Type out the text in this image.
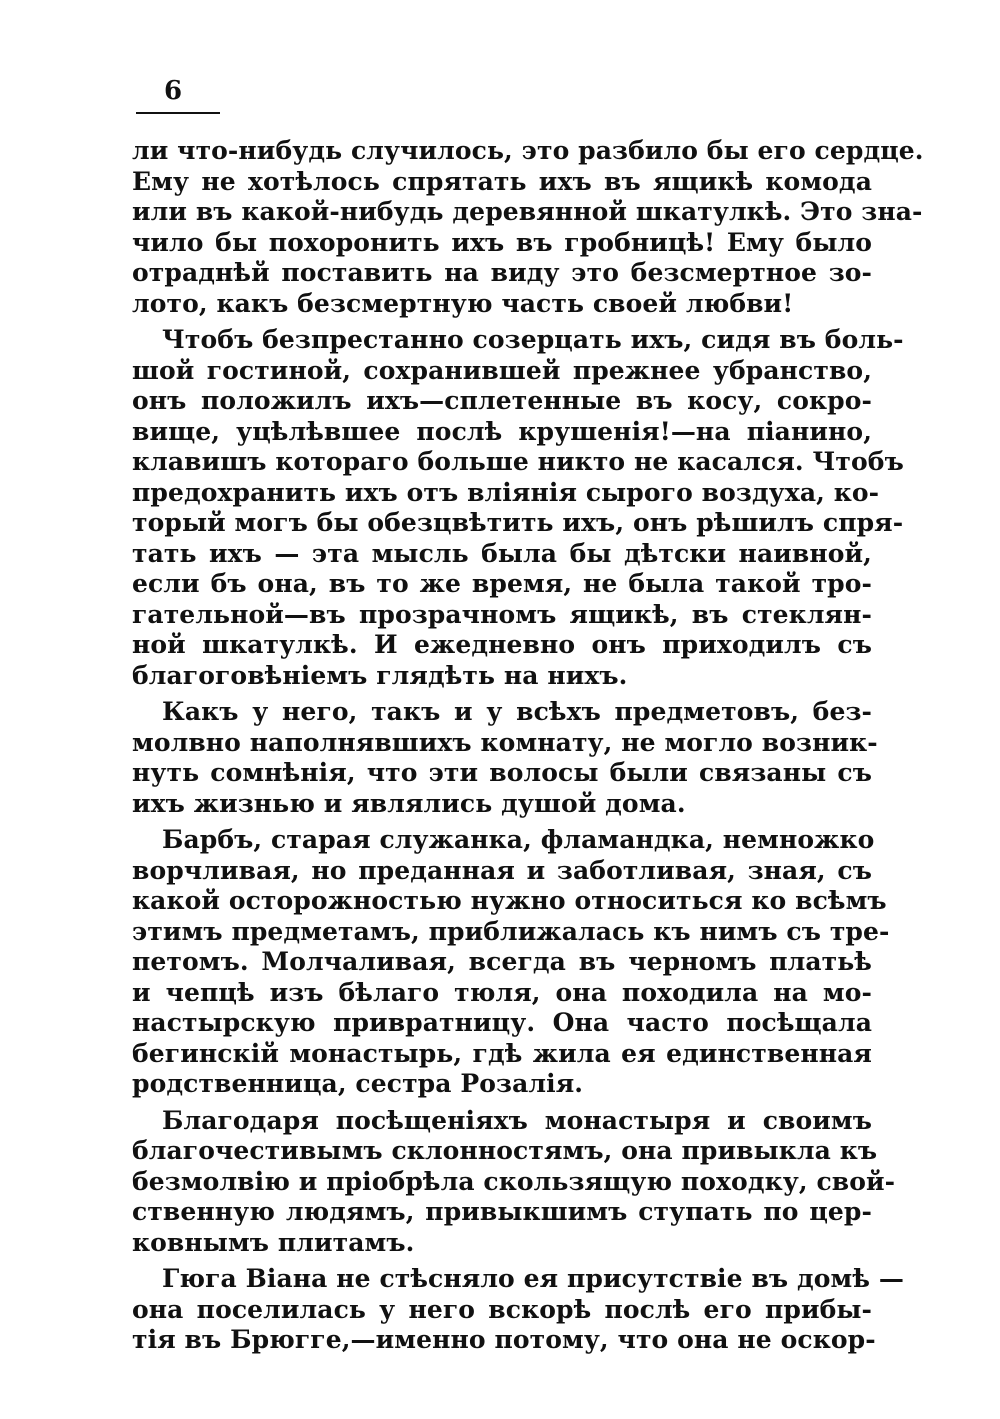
6
ли что-нибудь случилось, это разбило бы его сердце.
Ему не хотѣлось спрятать ихъ въ ящикѣ комода
или въ какой-нибудь деревянной шкатулкѣ. Это зна-
чило бы похоронить ихъ въ гробницѣ! Ему было
отраднѣй поставить на виду это безсмертное зо-
лото, какъ безсмертную часть своей любви!
Чтобъ безпрестанно созерцать ихъ, сидя въ боль-
шой гостиной, сохранившей прежнее убранство,
онъ положилъ ихъ—сплетенные въ косу, сокро-
вище, уцѣлѣвшее послѣ крушенія!—на піанино,
клавишъ котораго больше никто не касался. Чтобъ
предохранить ихъ отъ вліянія сырого воздуха, ко-
торый могъ бы обезцвѣтить ихъ, онъ рѣшилъ спря-
тать ихъ — эта мысль была бы дѣтски наивной,
если бъ она, въ то же время, не была такой тро-
гательной—въ прозрачномъ ящикѣ, въ стеклян-
ной шкатулкѣ. И ежедневно онъ приходилъ съ
благоговѣніемъ глядѣть на нихъ.
Какъ у него, такъ и у всѣхъ предметовъ, без-
молвно наполнявшихъ комнату, не могло возник-
нуть сомнѣнія, что эти волосы были связаны съ
ихъ жизнью и являлись душой дома.
Барбъ, старая служанка, фламандка, немножко
ворчливая, но преданная и заботливая, зная, съ
какой осторожностью нужно относиться ко всѣмъ
этимъ предметамъ, приближалась къ нимъ съ тре-
петомъ. Молчаливая, всегда въ черномъ платьѣ
и чепцѣ изъ бѣлаго тюля, она походила на мо-
настырскую привратницу. Она часто посѣщала
бегинскій монастырь, гдѣ жила ея единственная
родственница, сестра Розалія.
Благодаря посѣщеніяхъ монастыря и своимъ
благочестивымъ склонностямъ, она привыкла къ
безмолвію и пріобрѣла скользящую походку, свой-
ственную людямъ, привыкшимъ ступать по цер-
ковнымъ плитамъ.
Гюга Віана не стѣсняло ея присутствіе въ домѣ —
она поселилась у него вскорѣ послѣ его прибы-
тія въ Брюгге,—именно потому, что она не оскор-
